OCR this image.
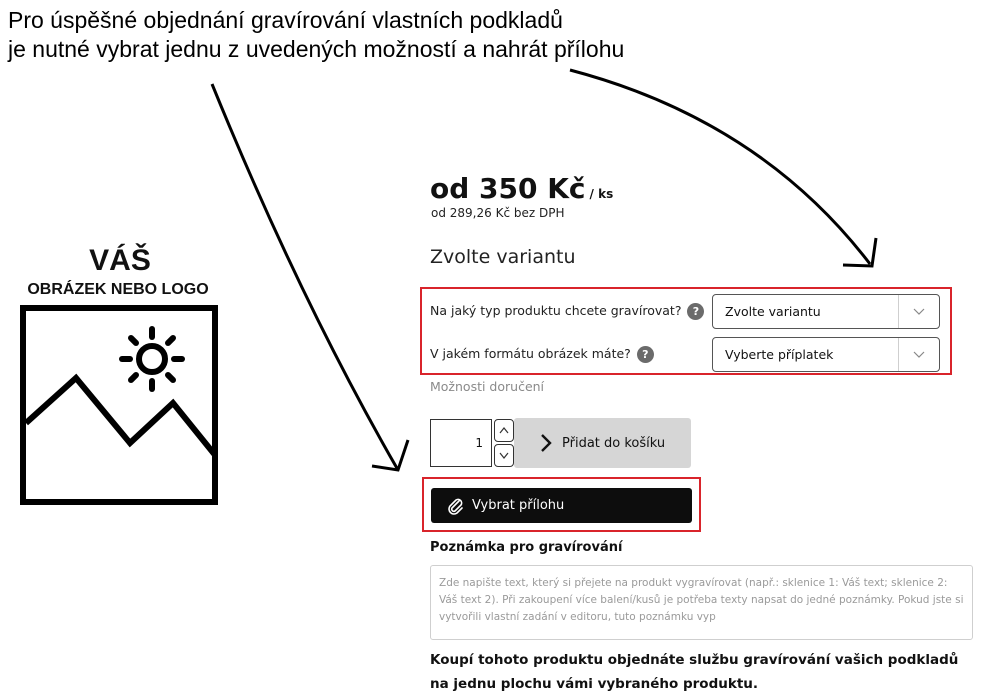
Pro úspěšné objednání gravírování vlastních podkladů
je nutné vybrat jednu z uvedených možností a nahrát přílohu
VÁŠ
OBRÁZEK NEBO LOGO
od 350 Kč / ks
od 289,26 Kč bez DPH
Zvolte variantu
Na jaký typ produktu chcete gravírovat?	?	Zvolte variantu
V jakém formátu obrázek máte?	?	Vyberte příplatek
Možnosti doručení
1	Přidat do košíku
Vybrat přílohu
Poznámka pro gravírování
Zde napište text, který si přejete na produkt vygravírovat (např.: sklenice 1: Váš text; sklenice 2: Váš text 2). Při zakoupení více balení/kusů je potřeba texty napsat do jedné poznámky. Pokud jste si vytvořili vlastní zadání v editoru, tuto poznámku vyp
Koupí tohoto produktu objednáte službu gravírování vašich podkladů na jednu plochu vámi vybraného produktu.
